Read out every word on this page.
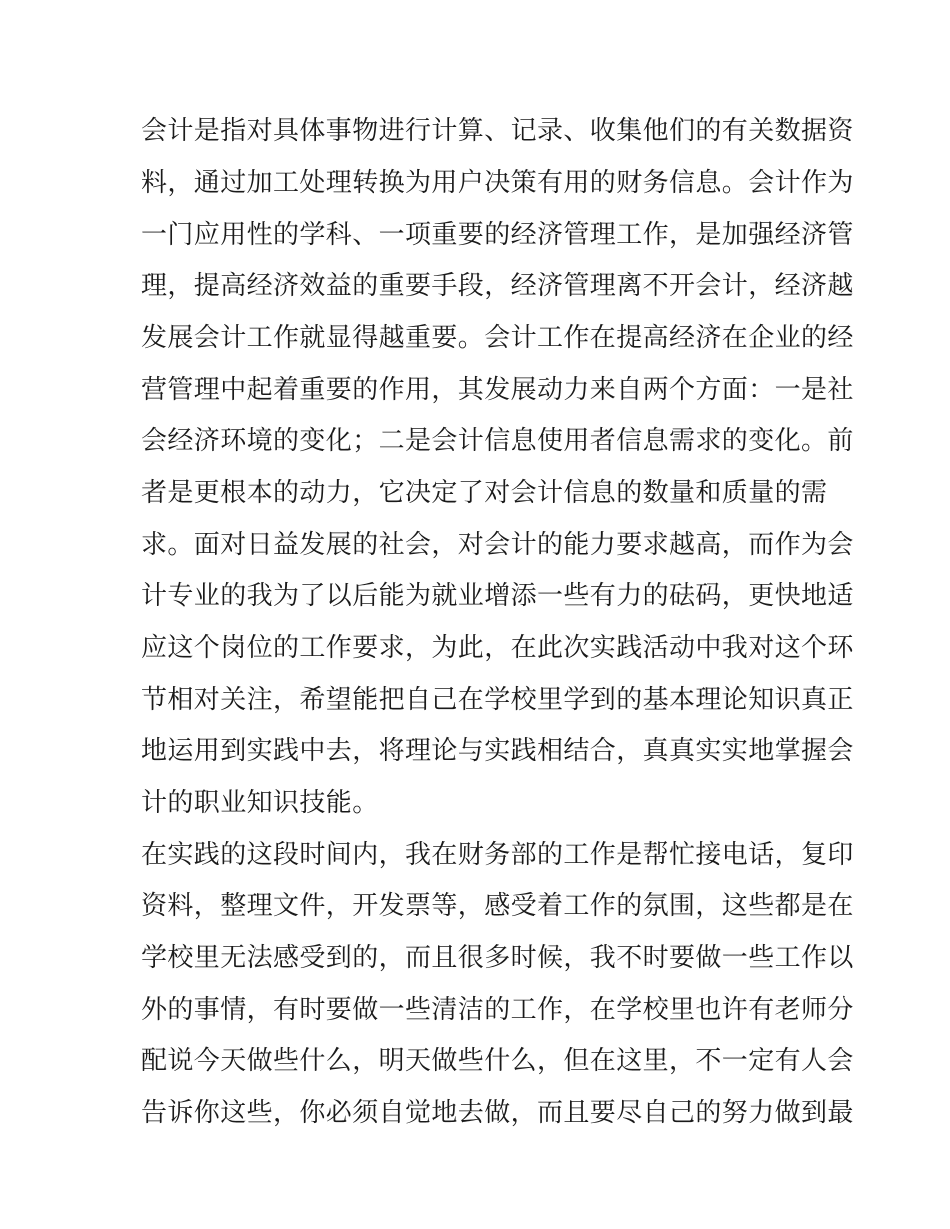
会计是指对具体事物进行计算、记录、收集他们的有关数据资
料，通过加工处理转换为用户决策有用的财务信息。会计作为
一门应用性的学科、一项重要的经济管理工作，是加强经济管
理，提高经济效益的重要手段，经济管理离不开会计，经济越
发展会计工作就显得越重要。会计工作在提高经济在企业的经
营管理中起着重要的作用，其发展动力来自两个方面：一是社
会经济环境的变化；二是会计信息使用者信息需求的变化。前
者是更根本的动力，它决定了对会计信息的数量和质量的需
求。面对日益发展的社会，对会计的能力要求越高，而作为会
计专业的我为了以后能为就业增添一些有力的砝码，更快地适
应这个岗位的工作要求，为此，在此次实践活动中我对这个环
节相对关注，希望能把自己在学校里学到的基本理论知识真正
地运用到实践中去，将理论与实践相结合，真真实实地掌握会
计的职业知识技能。
在实践的这段时间内，我在财务部的工作是帮忙接电话，复印
资料，整理文件，开发票等，感受着工作的氛围，这些都是在
学校里无法感受到的，而且很多时候，我不时要做一些工作以
外的事情，有时要做一些清洁的工作，在学校里也许有老师分
配说今天做些什么，明天做些什么，但在这里，不一定有人会
告诉你这些，你必须自觉地去做，而且要尽自己的努力做到最
